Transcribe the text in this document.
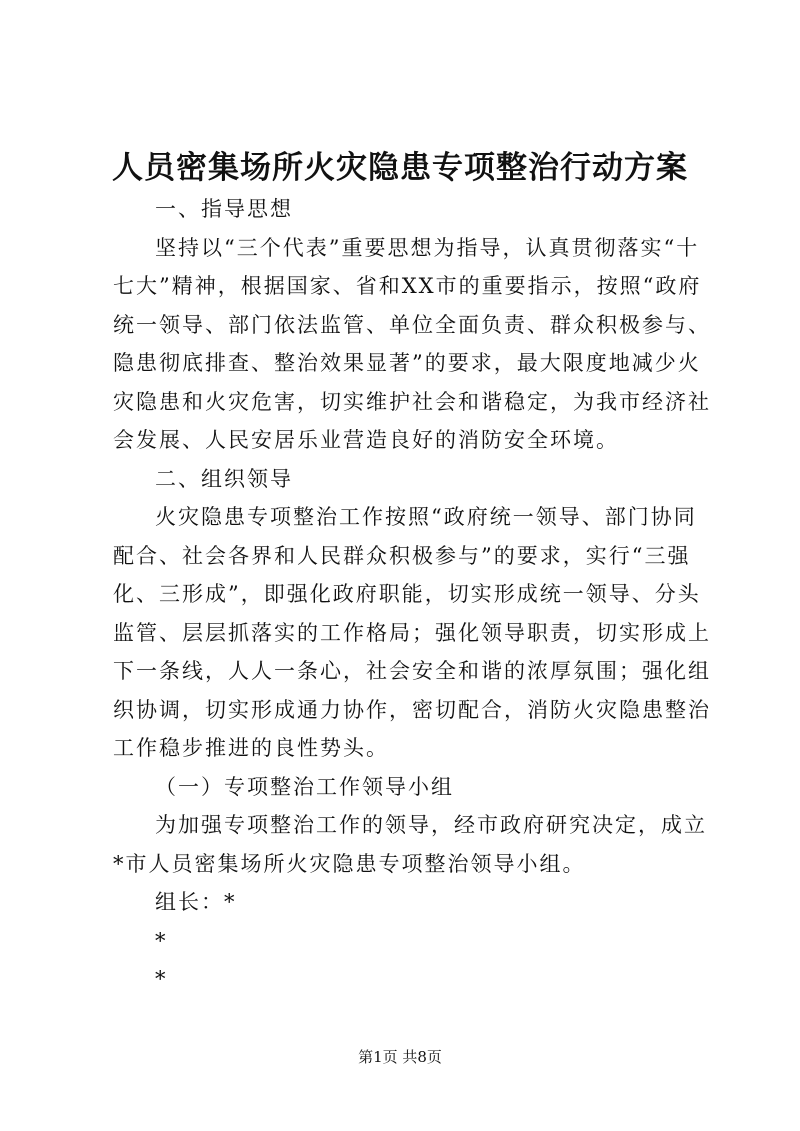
人员密集场所火灾隐患专项整治行动方案

一、指导思想

坚持以“三个代表”重要思想为指导，认真贯彻落实“十七大”精神，根据国家、省和XX市的重要指示，按照“政府统一领导、部门依法监管、单位全面负责、群众积极参与、隐患彻底排查、整治效果显著”的要求，最大限度地减少火灾隐患和火灾危害，切实维护社会和谐稳定，为我市经济社会发展、人民安居乐业营造良好的消防安全环境。

二、组织领导

火灾隐患专项整治工作按照“政府统一领导、部门协同配合、社会各界和人民群众积极参与”的要求，实行“三强化、三形成”，即强化政府职能，切实形成统一领导、分头监管、层层抓落实的工作格局；强化领导职责，切实形成上下一条线，人人一条心，社会安全和谐的浓厚氛围；强化组织协调，切实形成通力协作，密切配合，消防火灾隐患整治工作稳步推进的良性势头。

（一）专项整治工作领导小组

为加强专项整治工作的领导，经市政府研究决定，成立*市人员密集场所火灾隐患专项整治领导小组。

组长：*

*

*

第1页 共8页
